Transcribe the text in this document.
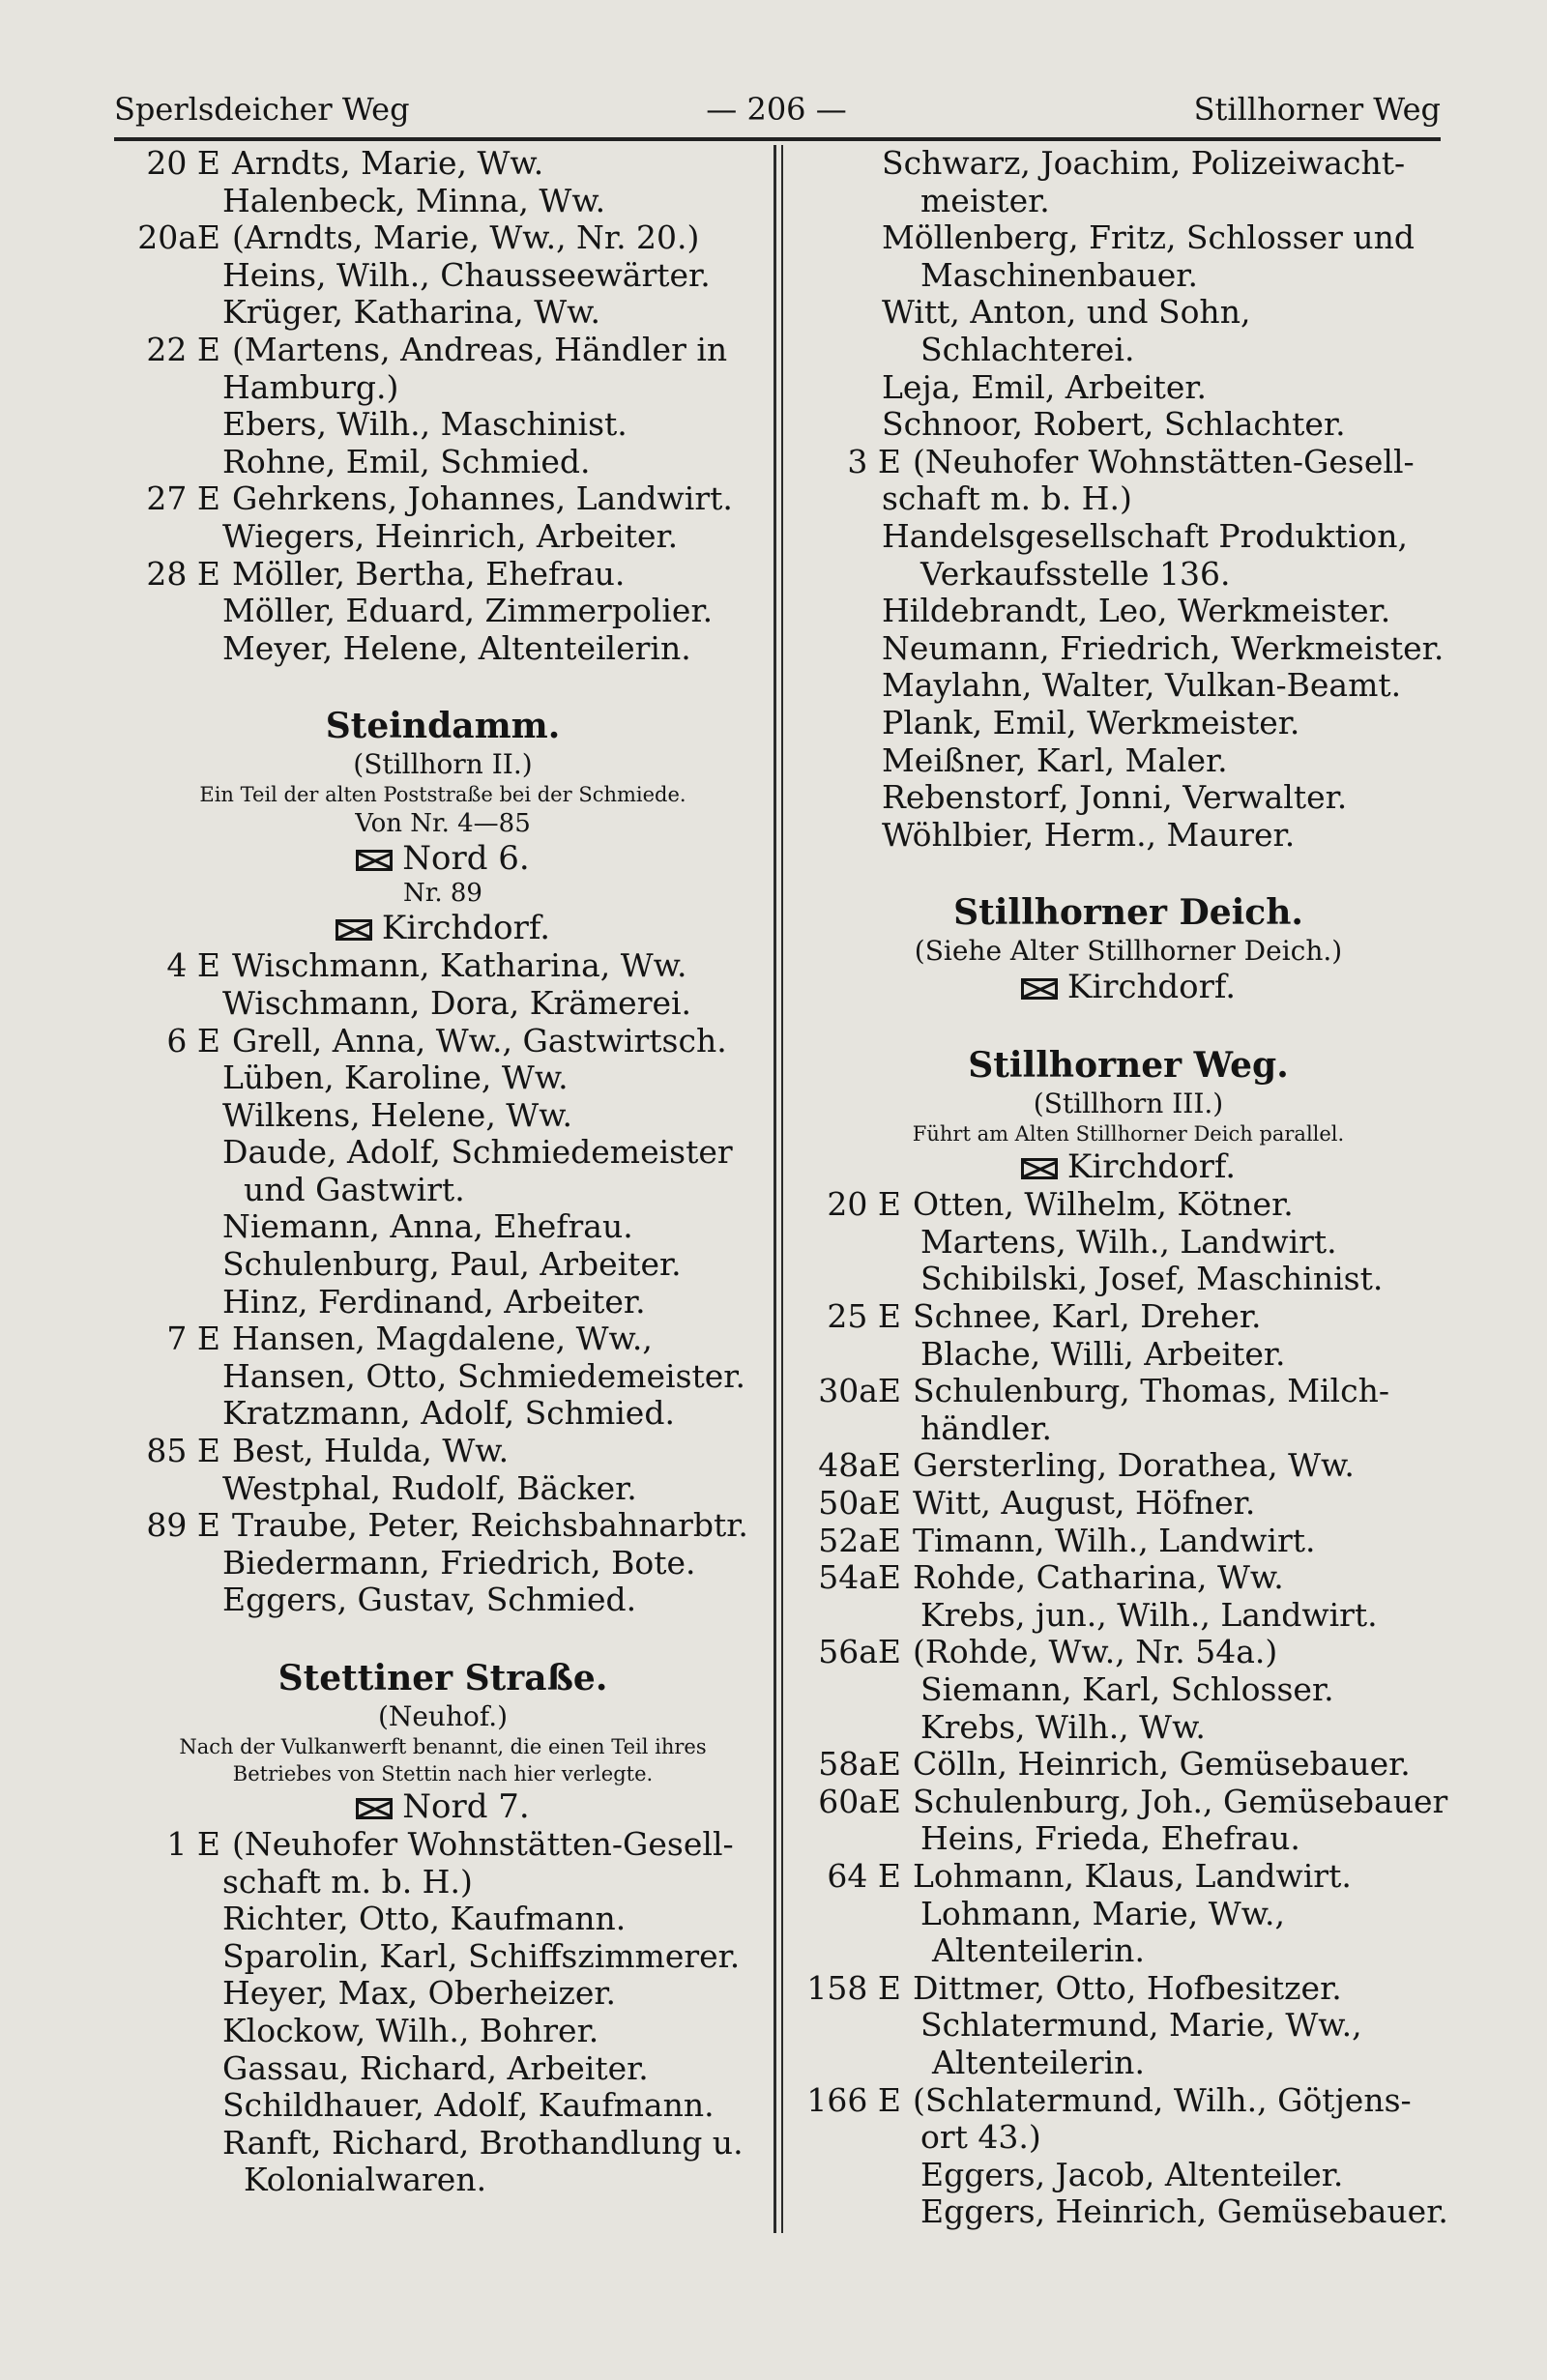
Sperlsdeicher Weg	— 206 —	Stillhorner Weg
20 E Arndts, Marie, Ww.
Halenbeck, Minna, Ww.
20aE (Arndts, Marie, Ww., Nr. 20.)
Heins, Wilh., Chausseewärter.
Krüger, Katharina, Ww.
22 E (Martens, Andreas, Händler in
Hamburg.)
Ebers, Wilh., Maschinist.
Rohne, Emil, Schmied.
27 E Gehrkens, Johannes, Landwirt.
Wiegers, Heinrich, Arbeiter.
28 E Möller, Bertha, Ehefrau.
Möller, Eduard, Zimmerpolier.
Meyer, Helene, Altenteilerin.
Steindamm.
(Stillhorn II.)
Ein Teil der alten Poststraße bei der Schmiede.
Von Nr. 4—85
Nord 6.
Nr. 89
Kirchdorf.
4 E Wischmann, Katharina, Ww.
Wischmann, Dora, Krämerei.
6 E Grell, Anna, Ww., Gastwirtsch.
Lüben, Karoline, Ww.
Wilkens, Helene, Ww.
Daude, Adolf, Schmiedemeister
und Gastwirt.
Niemann, Anna, Ehefrau.
Schulenburg, Paul, Arbeiter.
Hinz, Ferdinand, Arbeiter.
7 E Hansen, Magdalene, Ww.,
Hansen, Otto, Schmiedemeister.
Kratzmann, Adolf, Schmied.
85 E Best, Hulda, Ww.
Westphal, Rudolf, Bäcker.
89 E Traube, Peter, Reichsbahnarbtr.
Biedermann, Friedrich, Bote.
Eggers, Gustav, Schmied.
Stettiner Straße.
(Neuhof.)
Nach der Vulkanwerft benannt, die einen Teil ihres
Betriebes von Stettin nach hier verlegte.
Nord 7.
1 E (Neuhofer Wohnstätten-Gesell-
schaft m. b. H.)
Richter, Otto, Kaufmann.
Sparolin, Karl, Schiffszimmerer.
Heyer, Max, Oberheizer.
Klockow, Wilh., Bohrer.
Gassau, Richard, Arbeiter.
Schildhauer, Adolf, Kaufmann.
Ranft, Richard, Brothandlung u.
Kolonialwaren.
Schwarz, Joachim, Polizeiwacht-
meister.
Möllenberg, Fritz, Schlosser und
Maschinenbauer.
Witt, Anton, und Sohn,
Schlachterei.
Leja, Emil, Arbeiter.
Schnoor, Robert, Schlachter.
3 E (Neuhofer Wohnstätten-Gesell-
schaft m. b. H.)
Handelsgesellschaft Produktion,
Verkaufsstelle 136.
Hildebrandt, Leo, Werkmeister.
Neumann, Friedrich, Werkmeister.
Maylahn, Walter, Vulkan-Beamt.
Plank, Emil, Werkmeister.
Meißner, Karl, Maler.
Rebenstorf, Jonni, Verwalter.
Wöhlbier, Herm., Maurer.
Stillhorner Deich.
(Siehe Alter Stillhorner Deich.)
Kirchdorf.
Stillhorner Weg.
(Stillhorn III.)
Führt am Alten Stillhorner Deich parallel.
Kirchdorf.
20 E Otten, Wilhelm, Kötner.
Martens, Wilh., Landwirt.
Schibilski, Josef, Maschinist.
25 E Schnee, Karl, Dreher.
Blache, Willi, Arbeiter.
30aE Schulenburg, Thomas, Milch-
händler.
48aE Gersterling, Dorathea, Ww.
50aE Witt, August, Höfner.
52aE Timann, Wilh., Landwirt.
54aE Rohde, Catharina, Ww.
Krebs, jun., Wilh., Landwirt.
56aE (Rohde, Ww., Nr. 54a.)
Siemann, Karl, Schlosser.
Krebs, Wilh., Ww.
58aE Cölln, Heinrich, Gemüsebauer.
60aE Schulenburg, Joh., Gemüsebauer
Heins, Frieda, Ehefrau.
64 E Lohmann, Klaus, Landwirt.
Lohmann, Marie, Ww.,
Altenteilerin.
158 E Dittmer, Otto, Hofbesitzer.
Schlatermund, Marie, Ww.,
Altenteilerin.
166 E (Schlatermund, Wilh., Götjens-
ort 43.)
Eggers, Jacob, Altenteiler.
Eggers, Heinrich, Gemüsebauer.
